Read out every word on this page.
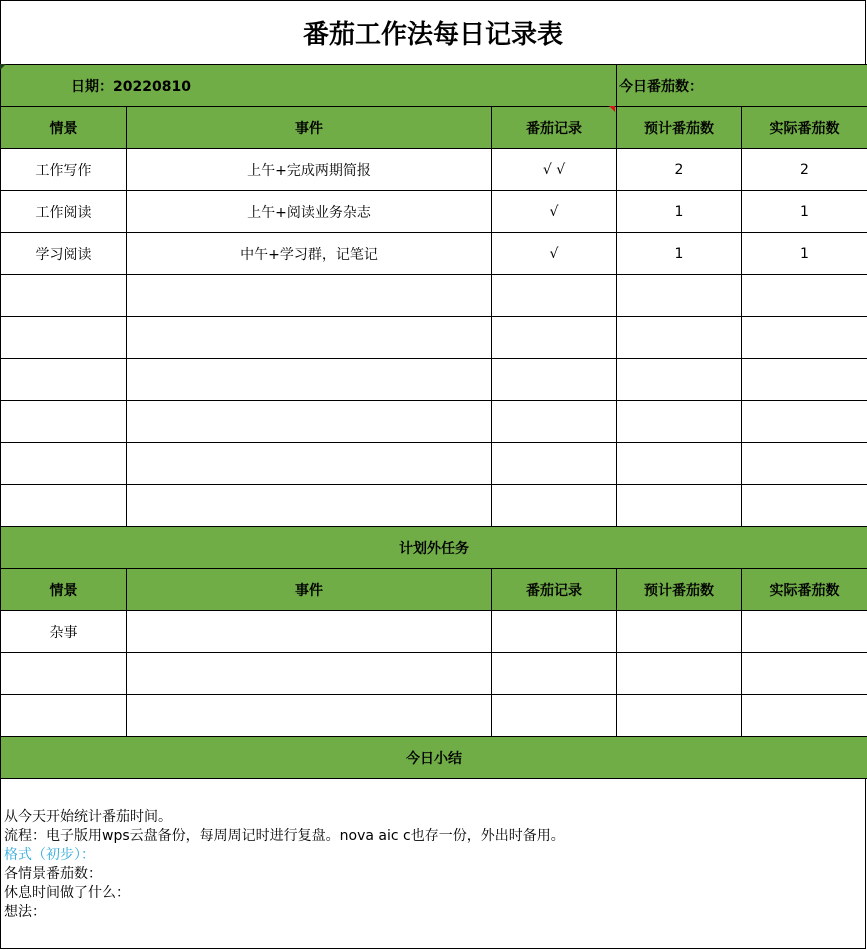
番茄工作法每日记录表
日期：20220810			今日番茄数：	
情景	事件	番茄记录	预计番茄数	实际番茄数
工作写作	上午+完成两期简报	√ √	2	2
工作阅读	上午+阅读业务杂志	√	1	1
学习阅读	中午+学习群，记笔记	√	1	1

计划外任务				
情景	事件	番茄记录	预计番茄数	实际番茄数
杂事				

今日小结
从今天开始统计番茄时间。
流程：电子版用wps云盘备份，每周周记时进行复盘。nova aic c也存一份，外出时备用。
格式（初步）：
各情景番茄数：
休息时间做了什么：
想法：
